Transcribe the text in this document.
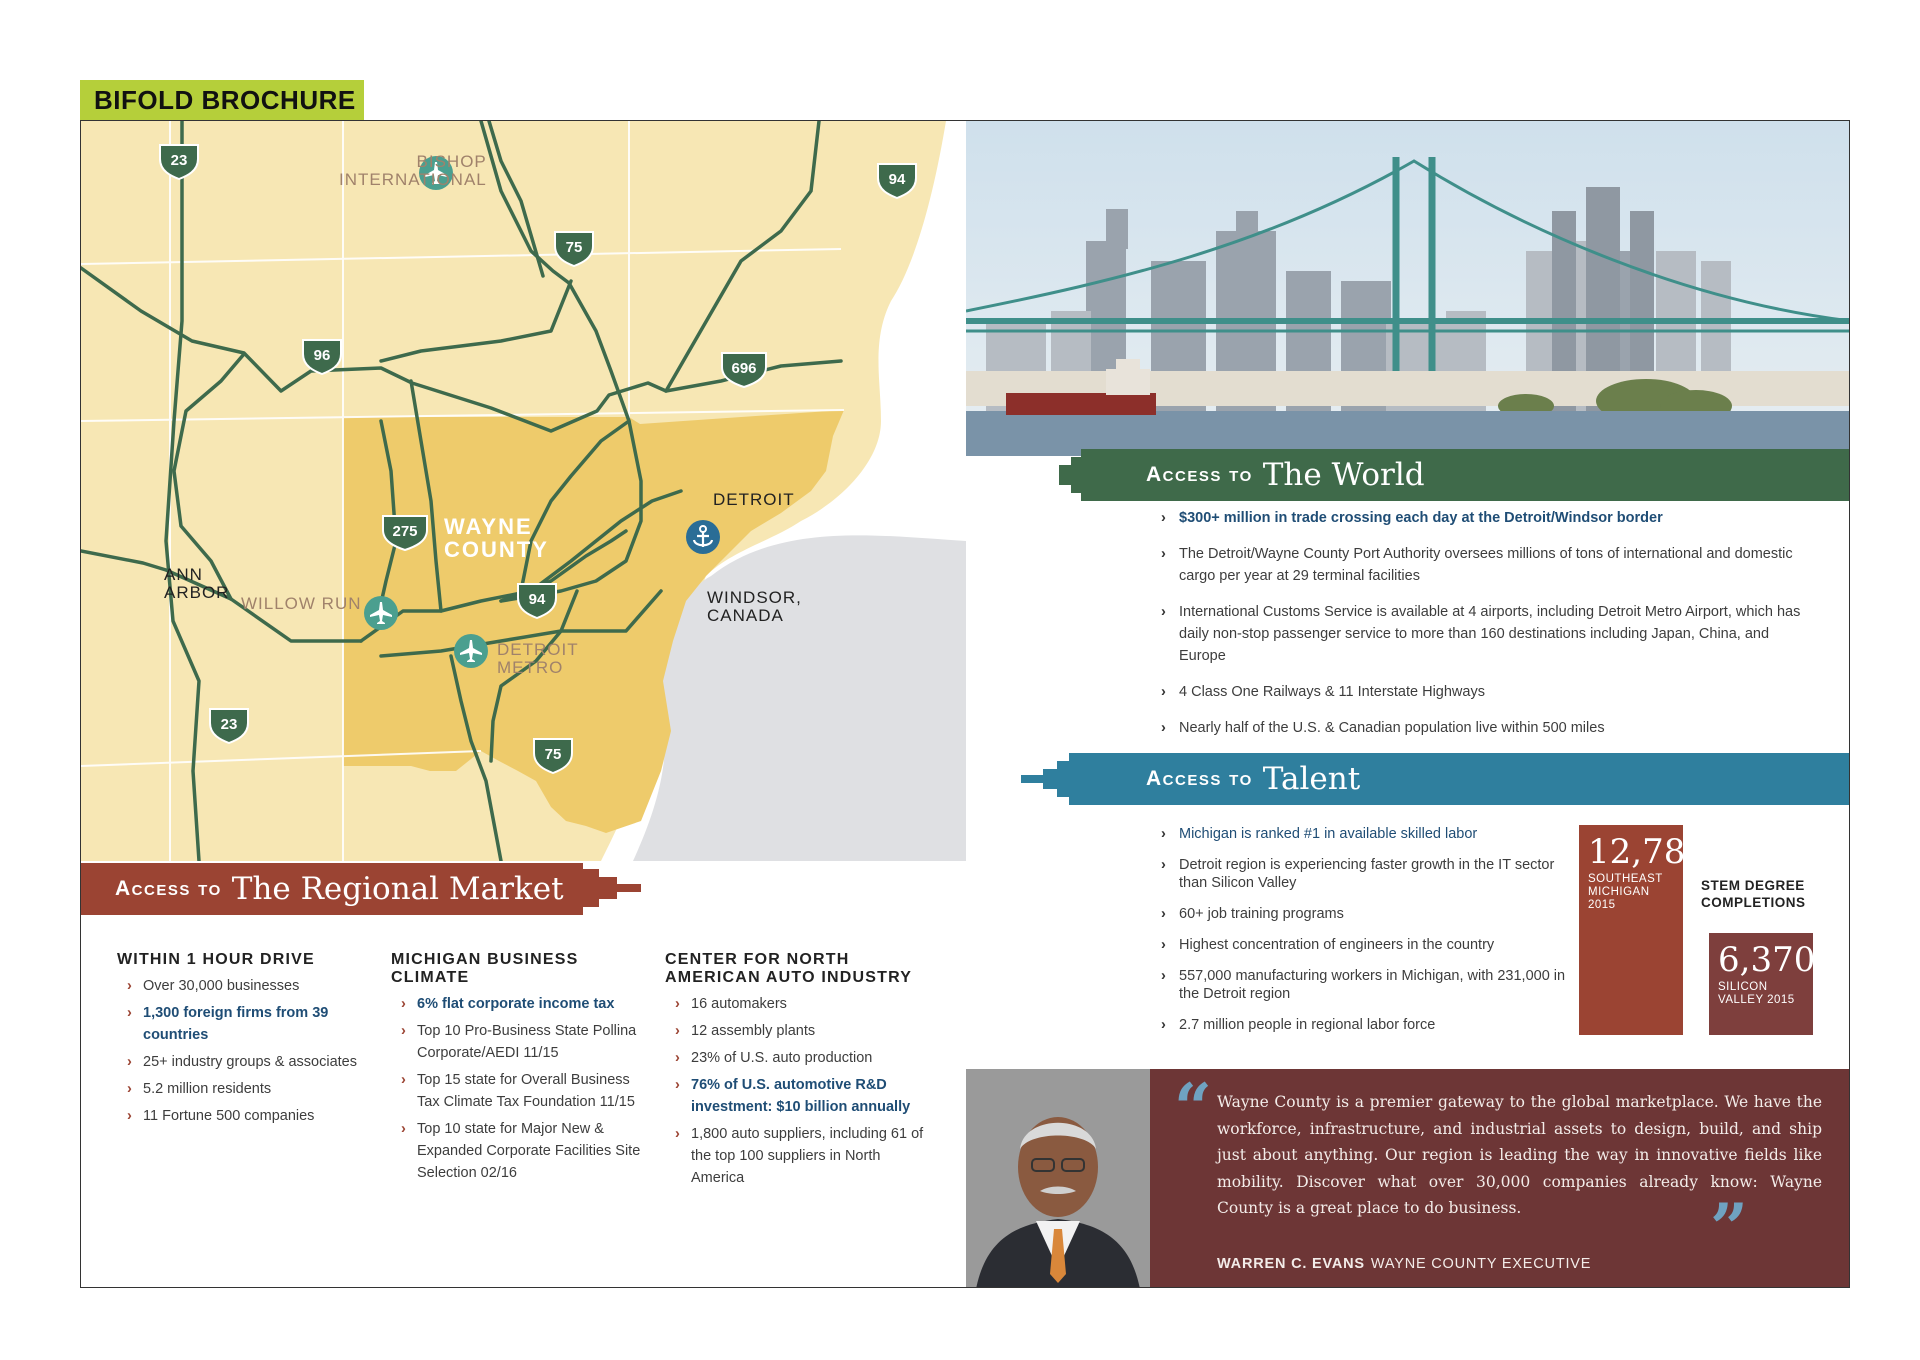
BIFOLD BROCHURE
23
94
75
96
696
275
94
23
75
BISHOP
INTERNATIONAL
ANN
ARBOR
WILLOW RUN
WAYNE
COUNTY
DETROIT
DETROIT
METRO
WINDSOR,
CANADA
Access to The Regional Market
WITHIN 1 HOUR DRIVE
› Over 30,000 businesses
› 1,300 foreign firms from 39 countries
› 25+ industry groups & associates
› 5.2 million residents
› 11 Fortune 500 companies
MICHIGAN BUSINESS
CLIMATE
› 6% flat corporate income tax
› Top 10 Pro-Business State Pollina Corporate/AEDI 11/15
› Top 15 state for Overall Business Tax Climate Tax Foundation 11/15
› Top 10 state for Major New & Expanded Corporate Facilities Site Selection 02/16
CENTER FOR NORTH
AMERICAN AUTO INDUSTRY
› 16 automakers
› 12 assembly plants
› 23% of U.S. auto production
› 76% of U.S. automotive R&D investment: $10 billion annually
› 1,800 auto suppliers, including 61 of the top 100 suppliers in North America
Access to The World
› $300+ million in trade crossing each day at the Detroit/Windsor border
› The Detroit/Wayne County Port Authority oversees millions of tons of international and domestic cargo per year at 29 terminal facilities
› International Customs Service is available at 4 airports, including Detroit Metro Airport, which has daily non-stop passenger service to more than 160 destinations including Japan, China, and Europe
› 4 Class One Railways & 11 Interstate Highways
› Nearly half of the U.S. & Canadian population live within 500 miles
Access to Talent
› Michigan is ranked #1 in available skilled labor
› Detroit region is experiencing faster growth in the IT sector than Silicon Valley
› 60+ job training programs
› Highest concentration of engineers in the country
› 557,000 manufacturing workers in Michigan, with 231,000 in the Detroit region
› 2.7 million people in regional labor force
12,786
SOUTHEAST
MICHIGAN 2015
STEM DEGREE COMPLETIONS
6,370
SILICON
VALLEY 2015
“ Wayne County is a premier gateway to the global marketplace. We have the workforce, infrastructure, and industrial assets to design, build, and ship just about anything. Our region is leading the way in innovative fields like mobility. Discover what over 30,000 companies already know: Wayne County is a great place to do business.	”
WARREN C. EVANS WAYNE COUNTY EXECUTIVE
